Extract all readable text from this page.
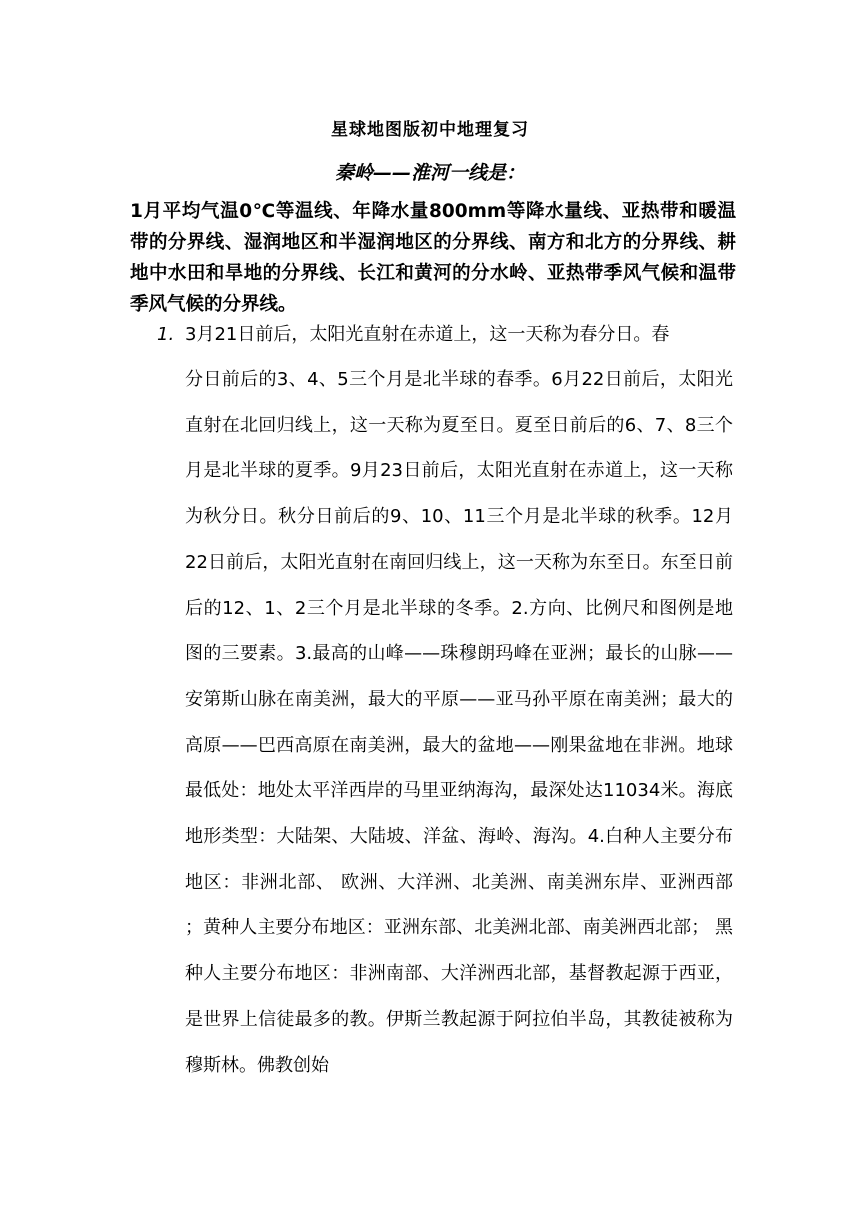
星球地图版初中地理复习
秦岭——淮河一线是：

1月平均气温0℃等温线、年降水量800mm等降水量线、亚热带和暖温带的分界线、湿润地区和半湿润地区的分界线、南方和北方的分界线、耕地中水田和旱地的分界线、长江和黄河的分水岭、亚热带季风气候和温带季风气候的分界线。

1. 3月21日前后，太阳光直射在赤道上，这一天称为春分日。春

分日前后的3、4、5三个月是北半球的春季。6月22日前后，太阳光直射在北回归线上，这一天称为夏至日。夏至日前后的6、7、8三个月是北半球的夏季。9月23日前后，太阳光直射在赤道上，这一天称为秋分日。秋分日前后的9、10、11三个月是北半球的秋季。12月22日前后，太阳光直射在南回归线上，这一天称为东至日。东至日前后的12、1、2三个月是北半球的冬季。2.方向、比例尺和图例是地图的三要素。3.最高的山峰——珠穆朗玛峰在亚洲；最长的山脉——安第斯山脉在南美洲，最大的平原——亚马孙平原在南美洲；最大的高原——巴西高原在南美洲，最大的盆地——刚果盆地在非洲。地球最低处：地处太平洋西岸的马里亚纳海沟，最深处达11034米。海底地形类型：大陆架、大陆坡、洋盆、海岭、海沟。4.白种人主要分布地区：非洲北部、 欧洲、大洋洲、北美洲、南美洲东岸、亚洲西部 ；黄种人主要分布地区：亚洲东部、北美洲北部、南美洲西北部； 黑种人主要分布地区：非洲南部、大洋洲西北部，基督教起源于西亚，是世界上信徒最多的教。伊斯兰教起源于阿拉伯半岛，其教徒被称为穆斯林。佛教创始
